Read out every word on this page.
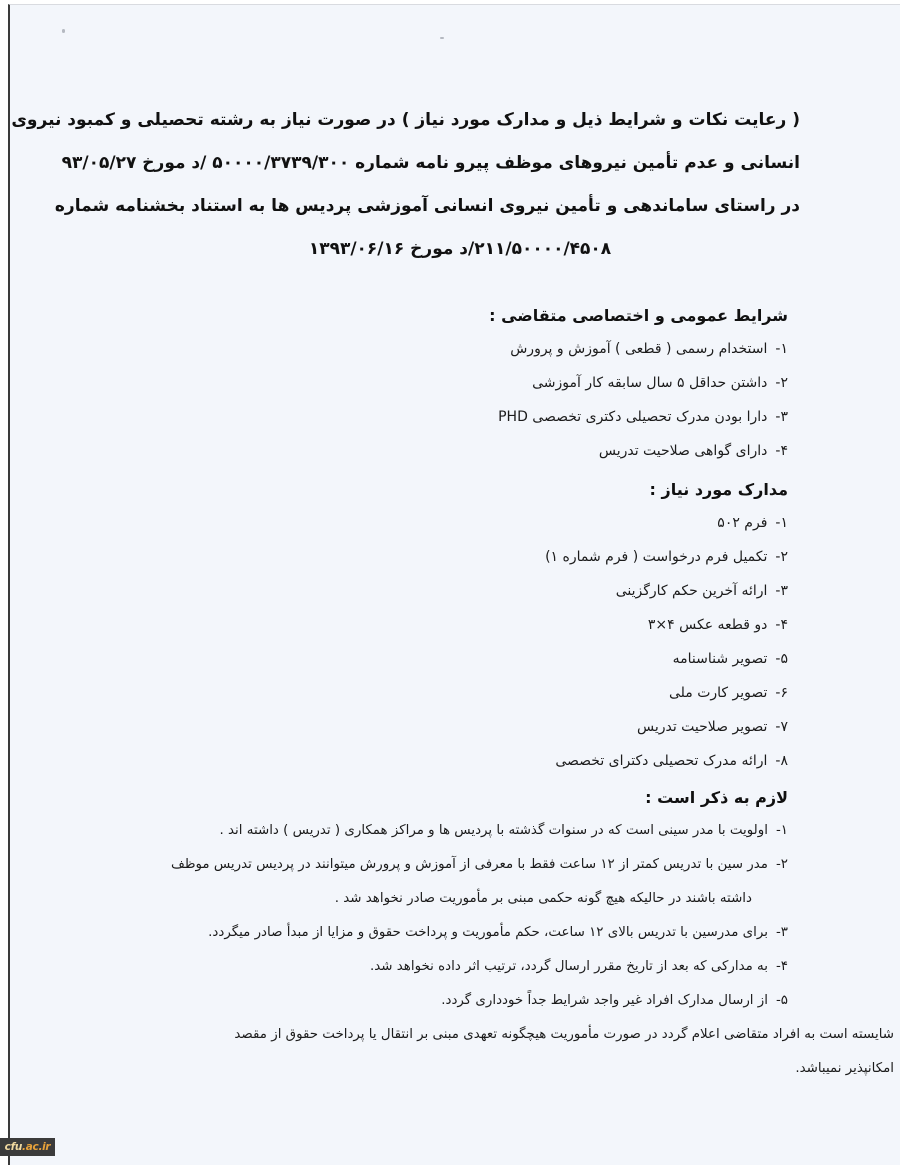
( رعایت نکات و شرایط ذیل و مدارک مورد نیاز ) در صورت نیاز به رشته تحصیلی و کمبود نیروی
انسانی و عدم تأمین نیروهای موظف پیرو نامه شماره ۵۰۰۰۰/۳۷۳۹/۳۰۰ /د مورخ ۹۳/۰۵/۲۷
در راستای ساماندهی و تأمین نیروی انسانی آموزشی پردیس ها به استناد بخشنامه شماره
۲۱۱/۵۰۰۰۰/۴۵۰۸/د مورخ ۱۳۹۳/۰۶/۱۶
شرایط عمومی و اختصاصی متقاضی :
۱-استخدام رسمی ( قطعی ) آموزش و پرورش
۲-داشتن حداقل ۵ سال سابقه کار آموزشی
۳-دارا بودن مدرک تحصیلی دکتری تخصصی PHD
۴-دارای گواهی صلاحیت تدریس
مدارک مورد نیاز :
۱-فرم ۵۰۲
۲-تکمیل فرم درخواست ( فرم شماره ۱)
۳-ارائه آخرین حکم کارگزینی
۴-دو قطعه عکس ۴×۳
۵-تصویر شناسنامه
۶-تصویر کارت ملی
۷-تصویر صلاحیت تدریس
۸-ارائه مدرک تحصیلی دکترای تخصصی
لازم به ذکر است :
۱-اولویت با مدر سینی است که در سنوات گذشته با پردیس ها و مراکز همکاری ( تدریس ) داشته اند .
۲-مدر سین با تدریس کمتر از ۱۲ ساعت فقط با معرفی از آموزش و پرورش میتوانند در پردیس تدریس موظف
داشته باشند در حالیکه هیچ گونه حکمی مبنی بر مأموریت صادر نخواهد شد .
۳-برای مدرسین با تدریس بالای ۱۲ ساعت، حکم مأموریت و پرداخت حقوق و مزایا از مبدأ صادر میگردد.
۴-به مدارکی که بعد از تاریخ مقرر ارسال گردد، ترتیب اثر داده نخواهد شد.
۵-از ارسال مدارک افراد غیر واجد شرایط جداً خودداری گردد.
شایسته است به افراد متقاضی اعلام گردد در صورت مأموریت هیچگونه تعهدی مبنی بر انتقال یا پرداخت حقوق از مقصد
امکانپذیر نمیباشد.
cfu.ac.ir
